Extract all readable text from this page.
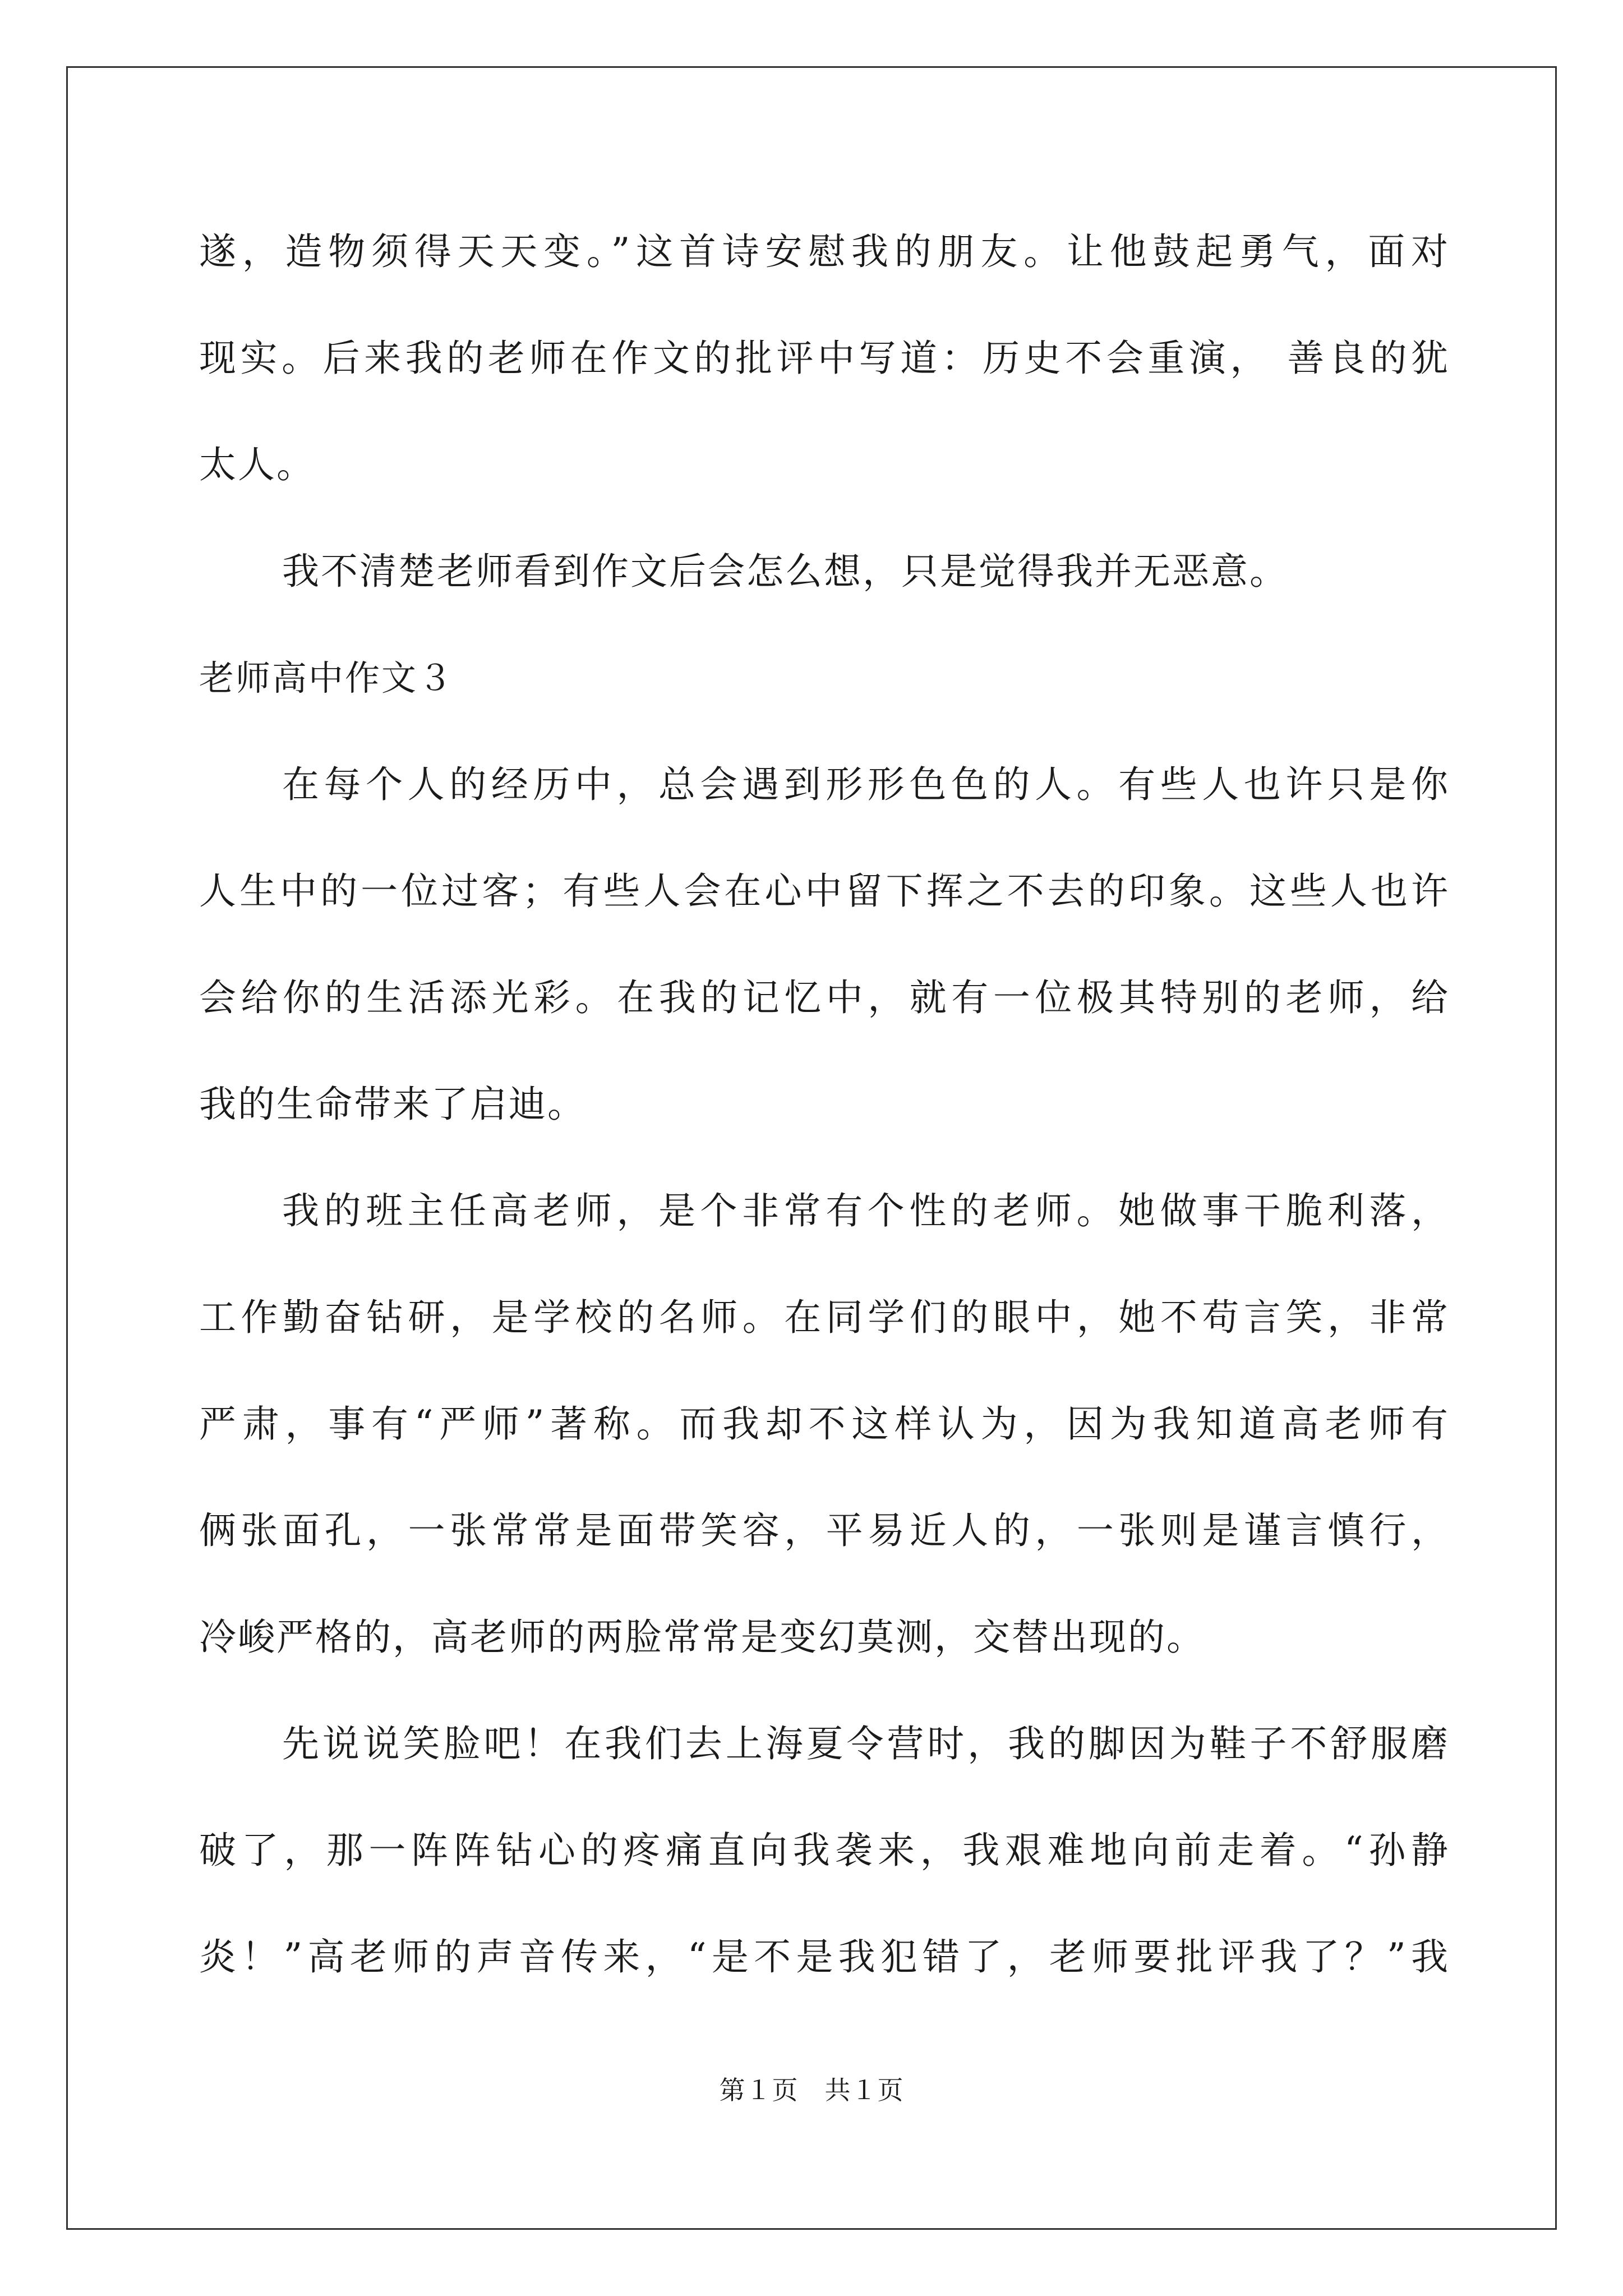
遂，造物须得天天变。”这首诗安慰我的朋友。让他鼓起勇气，面对
现实。后来我的老师在作文的批评中写道：历史不会重演， 善良的犹
太人。
我不清楚老师看到作文后会怎么想，只是觉得我并无恶意。
老师高中作文３
在每个人的经历中，总会遇到形形色色的人。有些人也许只是你
人生中的一位过客；有些人会在心中留下挥之不去的印象。这些人也许
会给你的生活添光彩。在我的记忆中，就有一位极其特别的老师，给
我的生命带来了启迪。
我的班主任高老师，是个非常有个性的老师。她做事干脆利落，
工作勤奋钻研，是学校的名师。在同学们的眼中，她不苟言笑，非常
严肃，事有“严师”著称。而我却不这样认为，因为我知道高老师有
俩张面孔，一张常常是面带笑容，平易近人的，一张则是谨言慎行，
冷峻严格的，高老师的两脸常常是变幻莫测，交替出现的。
先说说笑脸吧！在我们去上海夏令营时，我的脚因为鞋子不舒服磨
破了，那一阵阵钻心的疼痛直向我袭来，我艰难地向前走着。“孙静
炎！”高老师的声音传来，“是不是我犯错了，老师要批评我了？”我
第１页　共１页
